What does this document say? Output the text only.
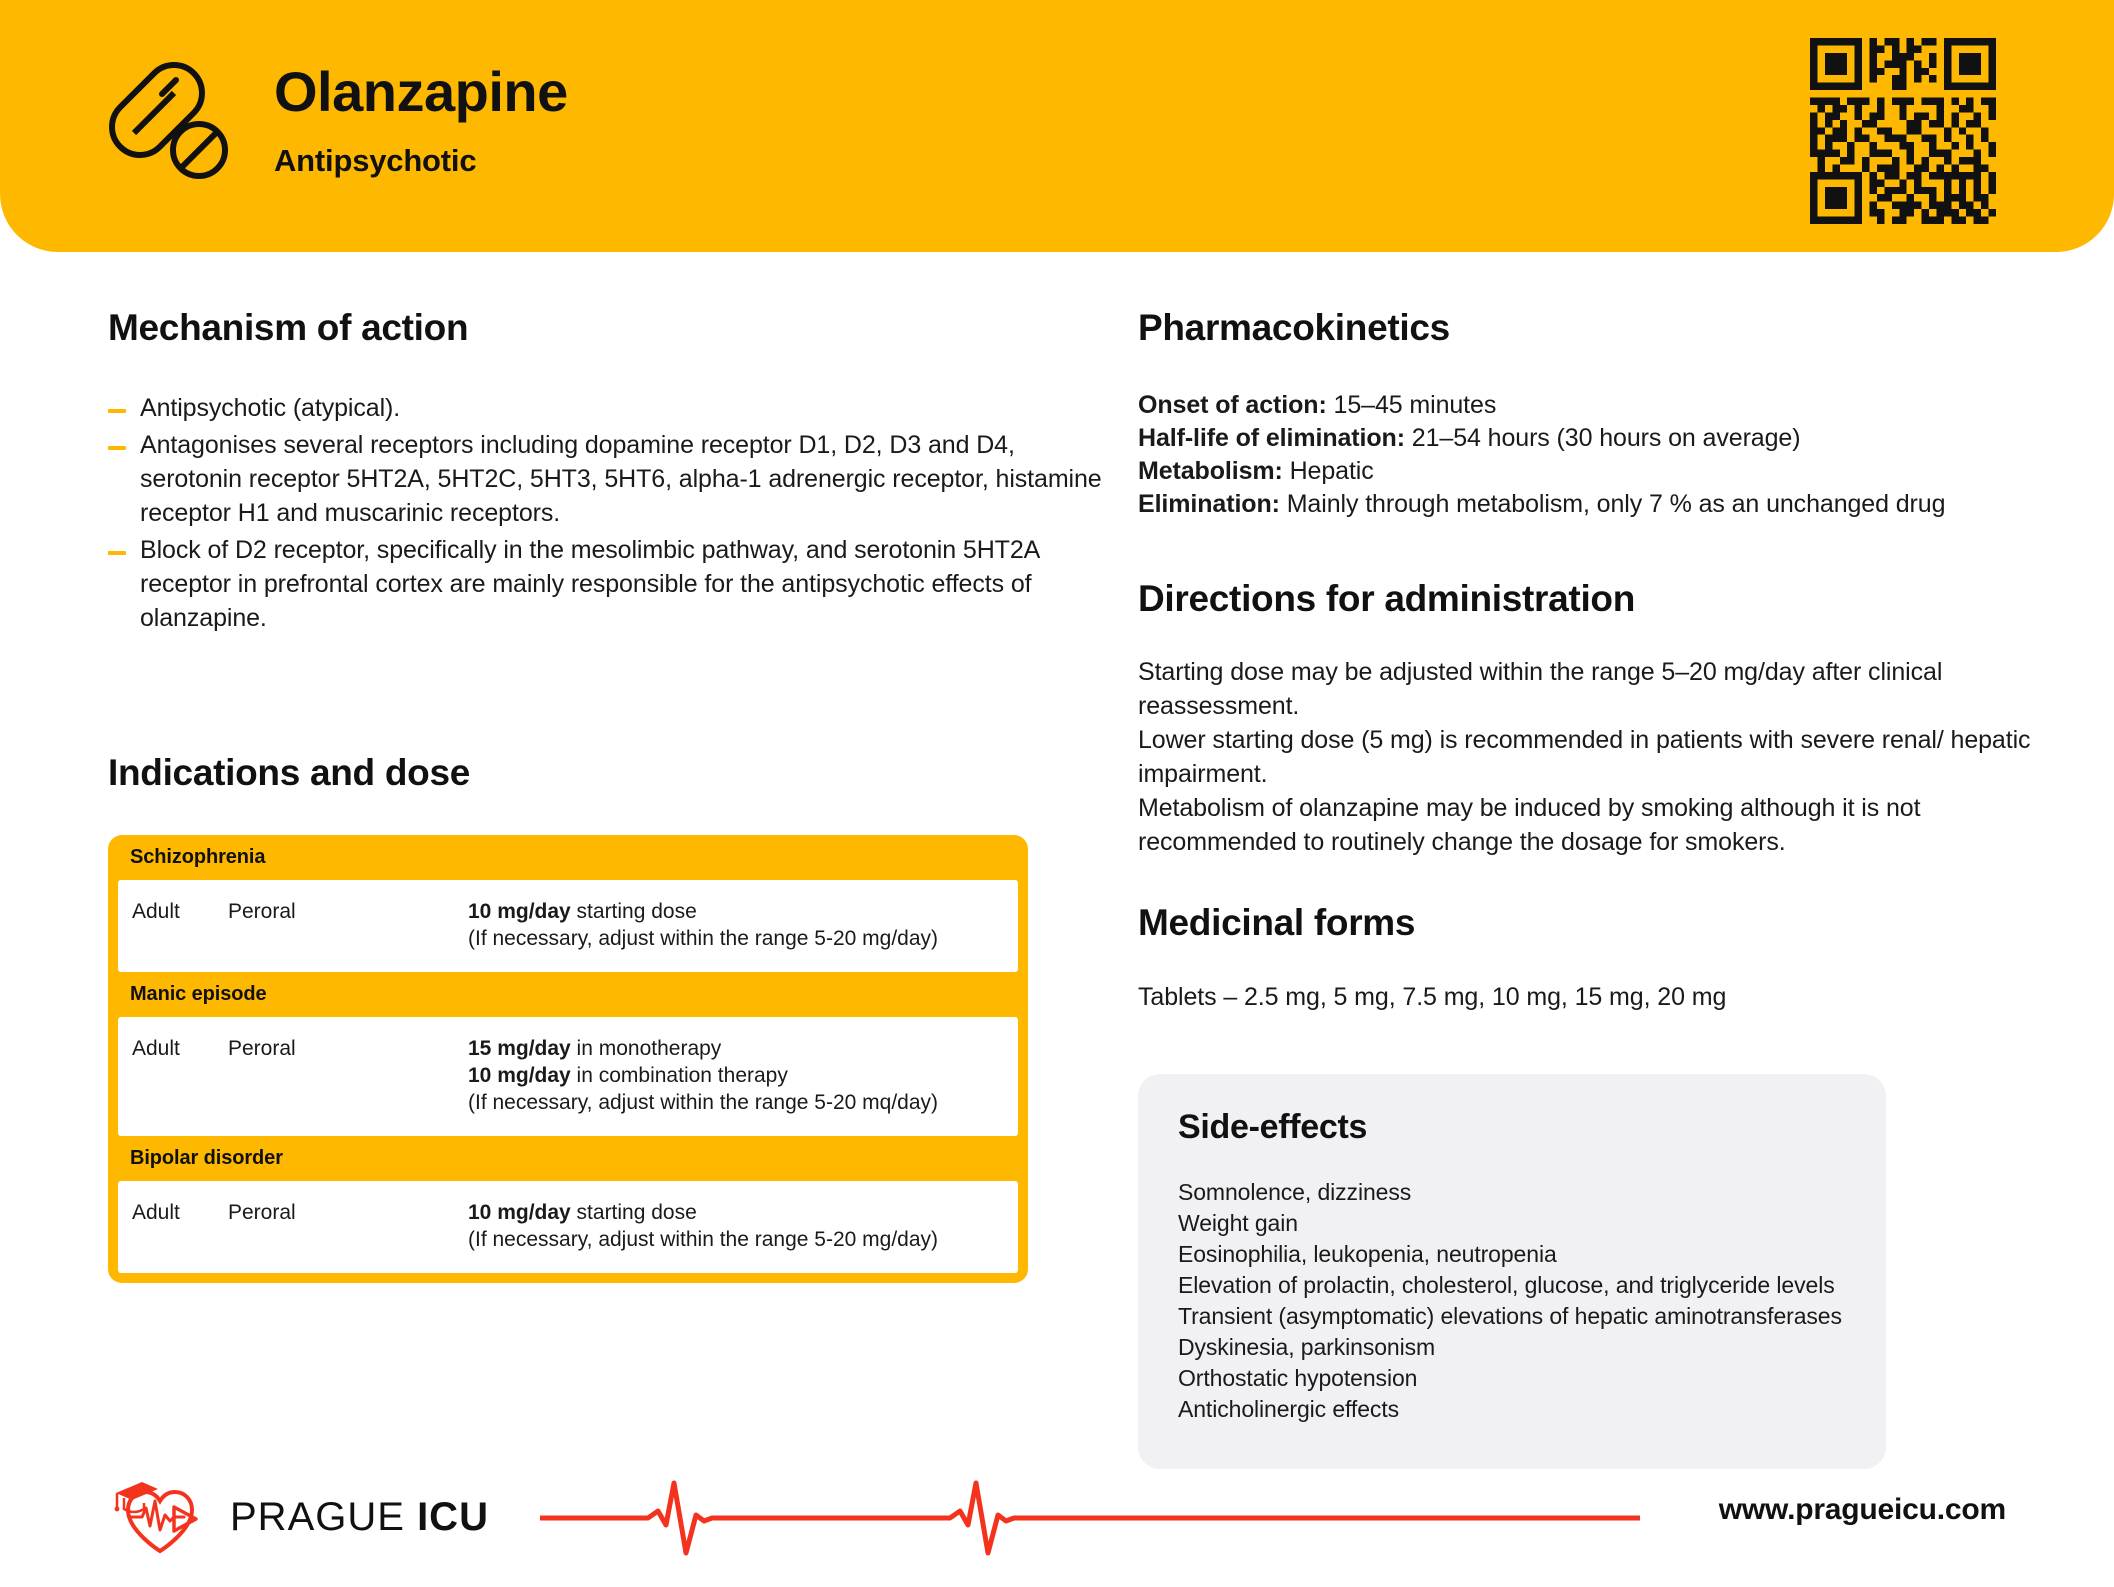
Olanzapine
Antipsychotic
Mechanism of action
Antipsychotic (atypical).
Antagonises several receptors including dopamine receptor D1, D2, D3 and D4, serotonin receptor 5HT2A, 5HT2C, 5HT3, 5HT6, alpha-1 adrenergic receptor, histamine receptor H1 and muscarinic receptors.
Block of D2 receptor, specifically in the mesolimbic pathway, and serotonin 5HT2A receptor in prefrontal cortex are mainly responsible for the antipsychotic effects of olanzapine.
Indications and dose
Schizophrenia
Adult	Peroral	10 mg/day starting dose
(If necessary, adjust within the range 5-20 mg/day)
Manic episode
Adult	Peroral	15 mg/day in monotherapy
10 mg/day in combination therapy
(If necessary, adjust within the range 5-20 mq/day)
Bipolar disorder
Adult	Peroral	10 mg/day starting dose
(If necessary, adjust within the range 5-20 mg/day)
Pharmacokinetics
Onset of action: 15–45 minutes
Half-life of elimination: 21–54 hours (30 hours on average)
Metabolism: Hepatic
Elimination: Mainly through metabolism, only 7 % as an unchanged drug
Directions for administration
Starting dose may be adjusted within the range 5–20 mg/day after clinical reassessment.
Lower starting dose (5 mg) is recommended in patients with severe renal/ hepatic impairment.
Metabolism of olanzapine may be induced by smoking although it is not recommended to routinely change the dosage for smokers.
Medicinal forms
Tablets – 2.5 mg, 5 mg, 7.5 mg, 10 mg, 15 mg, 20 mg
Side-effects
Somnolence, dizziness
Weight gain
Eosinophilia, leukopenia, neutropenia
Elevation of prolactin, cholesterol, glucose, and triglyceride levels
Transient (asymptomatic) elevations of hepatic aminotransferases
Dyskinesia, parkinsonism
Orthostatic hypotension
Anticholinergic effects
PRAGUE ICU	www.pragueicu.com
